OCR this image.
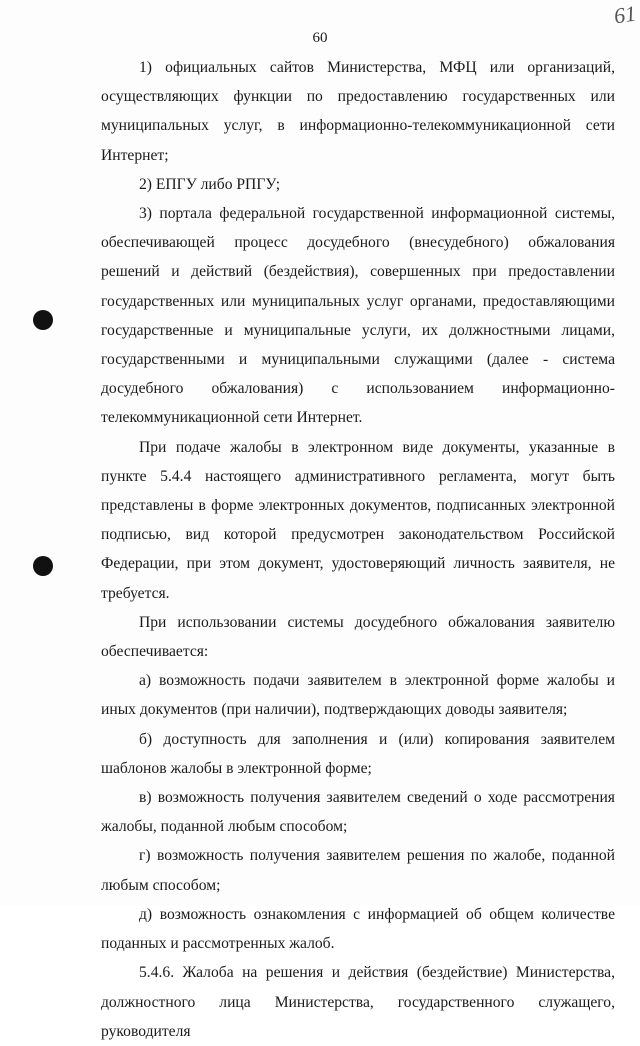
61
60

1) официальных сайтов Министерства, МФЦ или организаций, осуществляющих функции по предоставлению государственных или муниципальных услуг, в информационно-телекоммуникационной сети Интернет;

2) ЕПГУ либо РПГУ;

3) портала федеральной государственной информационной системы, обеспечивающей процесс досудебного (внесудебного) обжалования решений и действий (бездействия), совершенных при предоставлении государственных или муниципальных услуг органами, предоставляющими государственные и муниципальные услуги, их должностными лицами, государственными и муниципальными служащими (далее - система досудебного обжалования) с использованием информационно-телекоммуникационной сети Интернет.

При подаче жалобы в электронном виде документы, указанные в пункте 5.4.4 настоящего административного регламента, могут быть представлены в форме электронных документов, подписанных электронной подписью, вид которой предусмотрен законодательством Российской Федерации, при этом документ, удостоверяющий личность заявителя, не требуется.

При использовании системы досудебного обжалования заявителю обеспечивается:

а) возможность подачи заявителем в электронной форме жалобы и иных документов (при наличии), подтверждающих доводы заявителя;

б) доступность для заполнения и (или) копирования заявителем шаблонов жалобы в электронной форме;

в) возможность получения заявителем сведений о ходе рассмотрения жалобы, поданной любым способом;

г) возможность получения заявителем решения по жалобе, поданной любым способом;

д) возможность ознакомления с информацией об общем количестве поданных и рассмотренных жалоб.

5.4.6. Жалоба на решения и действия (бездействие) Министерства, должностного лица Министерства, государственного служащего, руководителя
